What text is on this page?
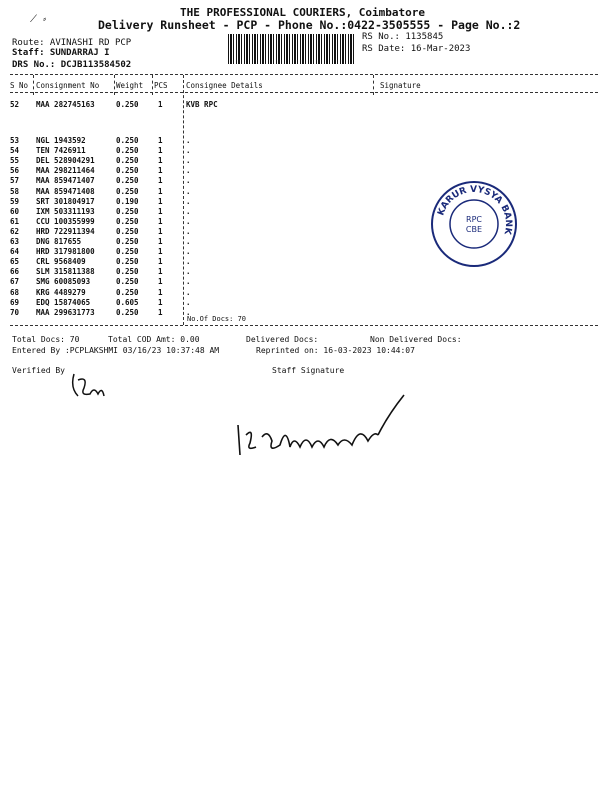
⟋ ⸗
THE PROFESSIONAL COURIERS, Coimbatore
Delivery Runsheet - PCP - Phone No.:0422-3505555 - Page No.:2
Route: AVINASHI RD PCP
Staff: SUNDARRAJ I
DRS No.: DCJB113584502
RS No.: 1135845
RS Date: 16-Mar-2023
S No Consignment No Weight PCS Consignee Details	Signature
52 MAA 282745163	0.250	1	KVB RPC
53 NGL 1943592	0.250	1	.
54 TEN 7426911	0.250	1	.
55 DEL 528904291	0.250	1	.
56 MAA 298211464	0.250	1	.
57 MAA 859471407	0.250	1	.
58 MAA 859471408	0.250	1	.
59 SRT 301804917	0.190	1	.
60 IXM 503311193	0.250	1	.
61 CCU 100355999	0.250	1	.
62 HRD 722911394	0.250	1	.
63 DNG 817655	0.250	1	.
64 HRD 317981800	0.250	1	.
65 CRL 9568409	0.250	1	.
66 SLM 315811388	0.250	1	.
67 SMG 60085093	0.250	1	.
68 KRG 4489279	0.250	1	.
69 EDQ 15874065	0.605	1	.
70 MAA 299631773	0.250	1	.
No.Of Docs: 70
Total Docs: 70	Total COD Amt: 0.00	Delivered Docs:	Non Delivered Docs:
Entered By :PCPLAKSHMI 03/16/23 10:37:48 AM	Reprinted on: 16-03-2023 10:44:07
Verified By	Staff Signature
KARUR VYSYA BANK
RPC
CBE
